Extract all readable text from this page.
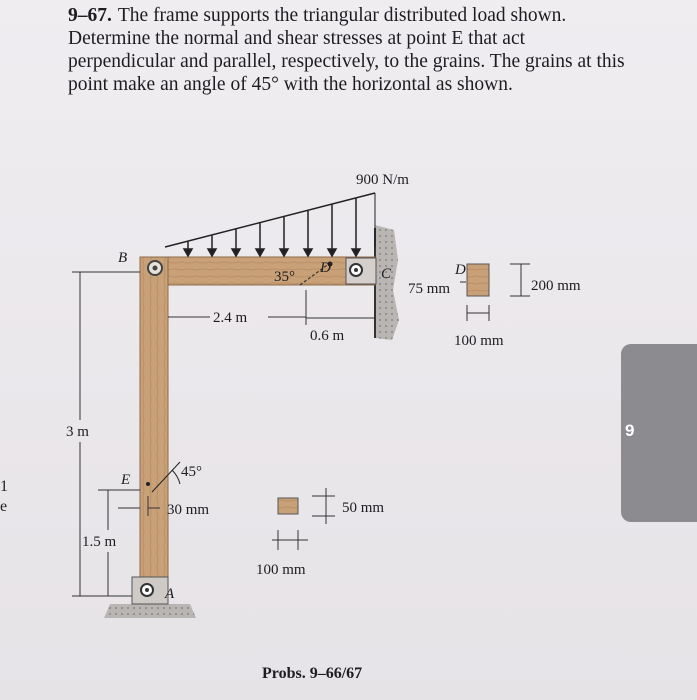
9–67. The frame supports the triangular distributed load shown. Determine the normal and shear stresses at point E that act perpendicular and parallel, respectively, to the grains. The grains at this point make an angle of 45° with the horizontal as shown.

9
1
e
900 N/m
B
C
D
35°
E
A
45°
2.4 m
0.6 m
3 m
1.5 m
30 mm	50 mm
100 mm
D
75 mm	200 mm
100 mm
Probs. 9–66/67
